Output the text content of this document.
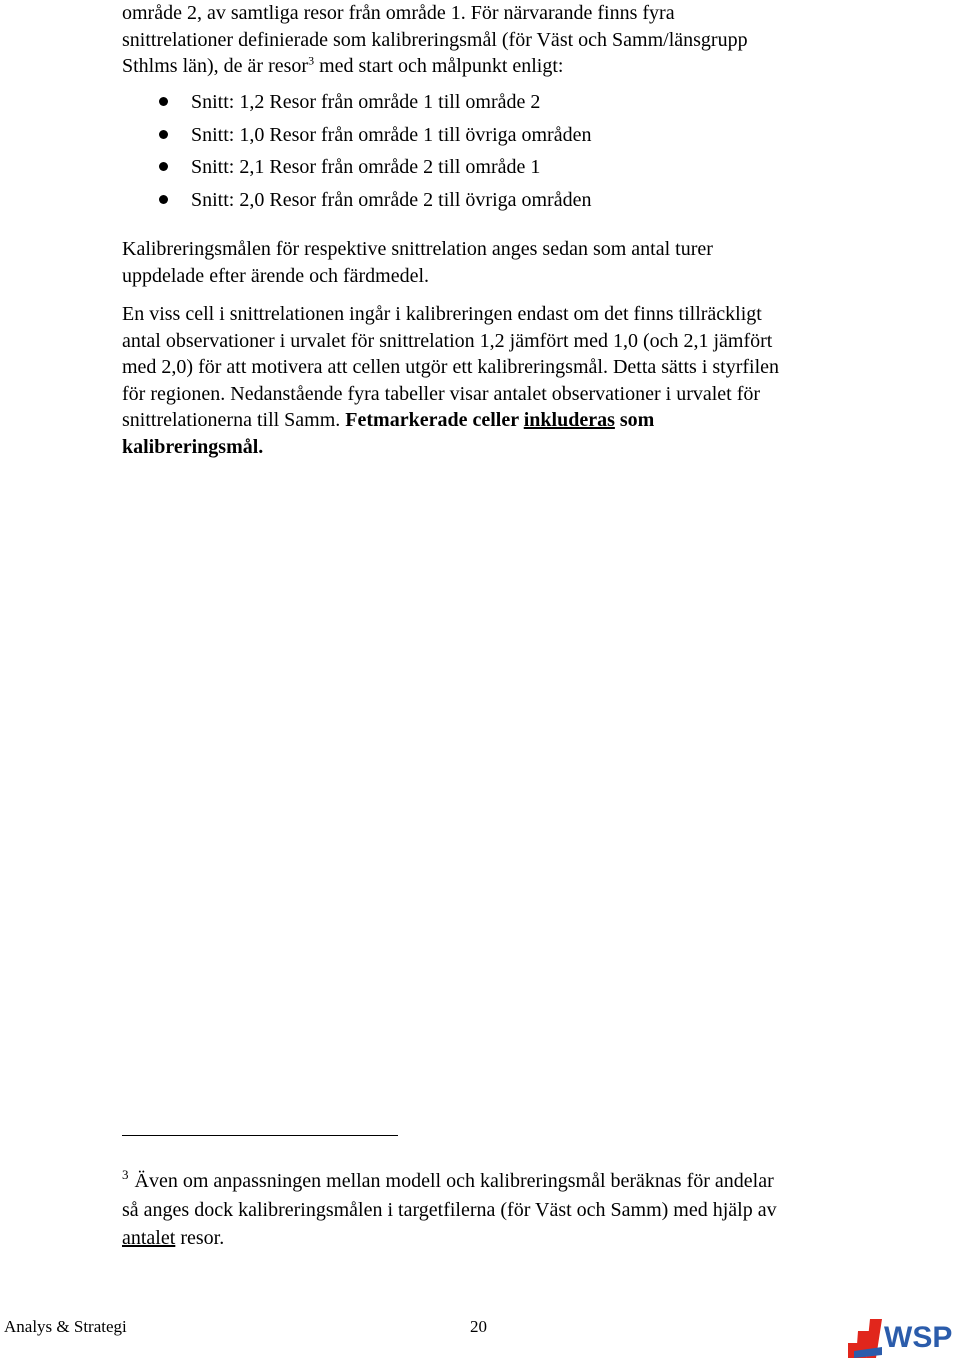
område 2, av samtliga resor från område 1. För närvarande finns fyra

snittrelationer definierade som kalibreringsmål (för Väst och Samm/länsgrupp

Sthlms län), de är resor$^3$ med start och målpunkt enligt:

Snitt: 1,2 Resor från område 1 till område 2
Snitt: 1,0 Resor från område 1 till övriga områden
Snitt: 2,1 Resor från område 2 till område 1
Snitt: 2,0 Resor från område 2 till övriga områden

Kalibreringsmålen för respektive snittrelation anges sedan som antal turer

uppdelade efter ärende och färdmedel.

En viss cell i snittrelationen ingår i kalibreringen endast om det finns tillräckligt

antal observationer i urvalet för snittrelation 1,2 jämfört med 1,0 (och 2,1 jämfört

med 2,0) för att motivera att cellen utgör ett kalibreringsmål. Detta sätts i styrfilen

för regionen. Nedanstående fyra tabeller visar antalet observationer i urvalet för

snittrelationerna till Samm. Fetmarkerade celler inkluderas som

kalibreringsmål.

$^3$ Även om anpassningen mellan modell och kalibreringsmål beräknas för andelar
så anges dock kalibreringsmålen i targetfilerna (för Väst och Samm) med hjälp av
antalet resor.
Analys & Strategi	20	WSP
